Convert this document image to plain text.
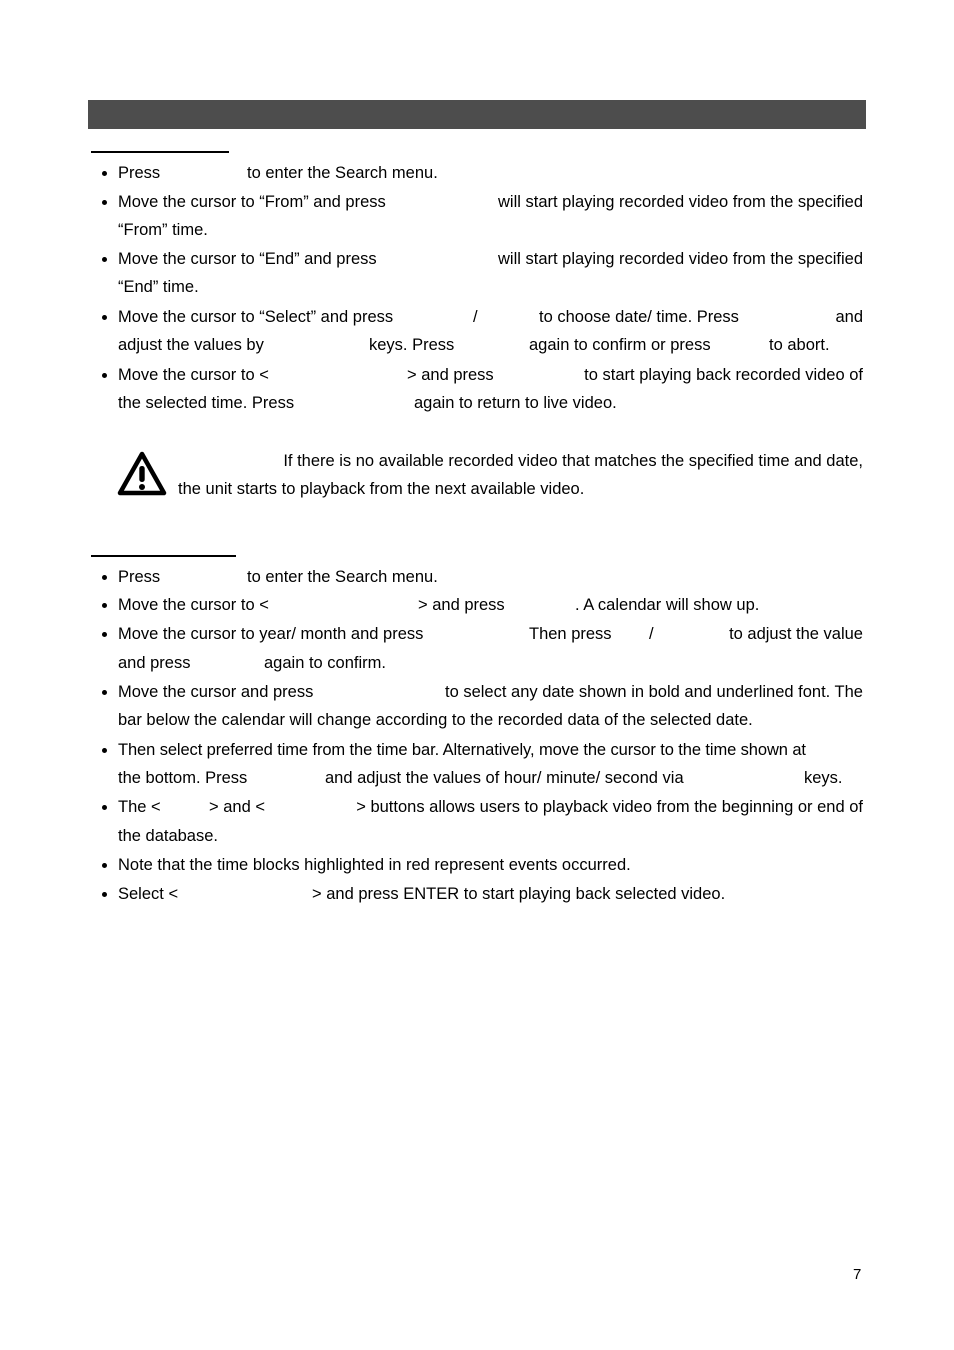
Press	to enter the Search menu.
Move the cursor to “From” and press	will start playing recorded video from the specified
“From” time.
Move the cursor to “End” and press	will start playing recorded video from the specified
“End” time.
Move the cursor to “Select” and press	/	to choose date/ time. Press	and
adjust the values by	keys. Press	again to confirm or press	to abort.
Move the cursor to <	> and press	to start playing back recorded video of
the selected time. Press	again to return to live video.
If there is no available recorded video that matches the specified time and date,
the unit starts to playback from the next available video.
Press	to enter the Search menu.
Move the cursor to <	> and press	. A calendar will show up.
Move the cursor to year/ month and press	Then press /	to adjust the value
and press	again to confirm.
Move the cursor and press	to select any date shown in bold and underlined font. The
bar below the calendar will change according to the recorded data of the selected date.
Then select preferred time from the time bar. Alternatively, move the cursor to the time shown at
the bottom. Press	and adjust the values of hour/ minute/ second via	keys.
The <	> and <	> buttons allows users to playback video from the beginning or end of
the database.
Note that the time blocks highlighted in red represent events occurred.
Select <	> and press ENTER to start playing back selected video.
7
